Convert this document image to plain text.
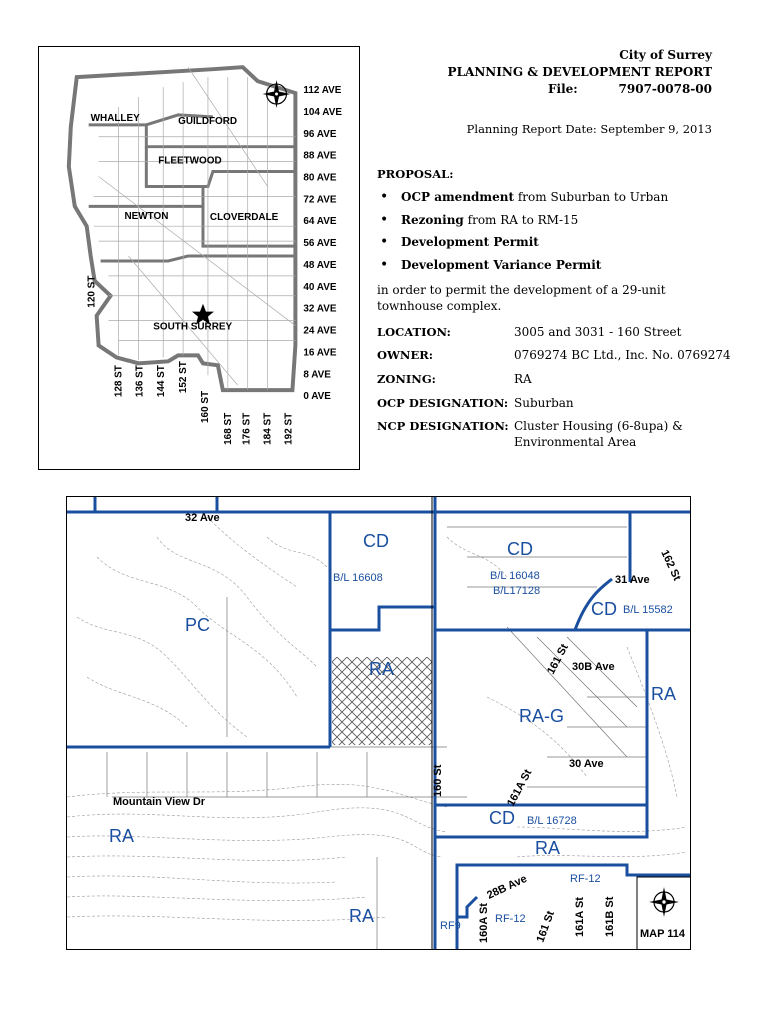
WHALLEY	GUILDFORD
FLEETWOOD
NEWTON	CLOVERDALE
SOUTH SURREY
112 AVE
104 AVE
96 AVE
88 AVE
80 AVE
72 AVE
64 AVE
56 AVE
48 AVE
40 AVE
32 AVE
24 AVE
16 AVE
8 AVE
0 AVE
120 ST
128 ST 136 ST 144 ST 152 ST
160 ST
168 ST 176 ST 184 ST 192 ST
City of Surrey
PLANNING & DEVELOPMENT REPORT
File:	7907-0078-00
Planning Report Date: September 9, 2013
PROPOSAL:
• OCP amendment from Suburban to Urban
• Rezoning from RA to RM-15
• Development Permit
• Development Variance Permit
in order to permit the development of a 29-unit
townhouse complex.
LOCATION:	3005 and 3031 - 160 Street
OWNER:	0769274 BC Ltd., Inc. No. 0769274
ZONING:	RA
OCP DESIGNATION: Suburban
NCP DESIGNATION: Cluster Housing (6-8upa) &
Environmental Area
CD
B/L 16608
CD
B/L 16048
B/L17128
CD B/L 15582
PC
RA
RA
RA-G
CD B/L 16728
RA
RA
RA
RF-12
RF-12
RF9
32 Ave
31 Ave 162 St
161 St 30B Ave
30 Ave
160 St	161A St
Mountain View Dr
28B Ave
160A St	161 St 161A St 161B St MAP 114
